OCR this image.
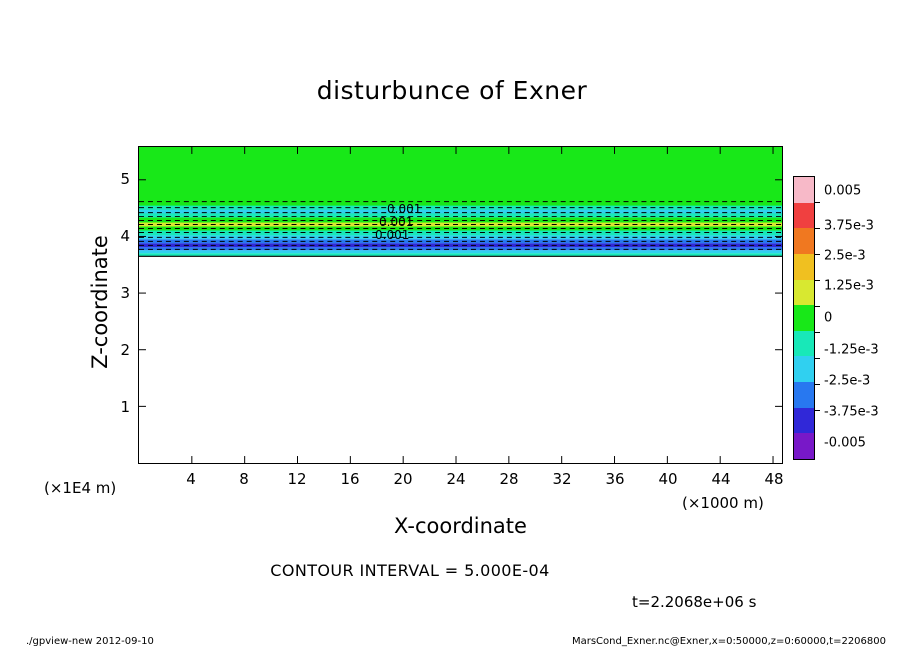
disturbunce of Exner
0.001
0.001
0.001
4	8	12	16	20	24	28	32	36	40	44	48
1
2
3
4
5
X-coordinate
Z-coordinate
(×1E4 m)
(×1000 m)
0.005
3.75e-3
2.5e-3
1.25e-3
0
-1.25e-3
-2.5e-3
-3.75e-3
-0.005
CONTOUR INTERVAL = 5.000E-04
t=2.2068e+06 s
./gpview-new 2012-09-10	MarsCond_Exner.nc@Exner,x=0:50000,z=0:60000,t=2206800
